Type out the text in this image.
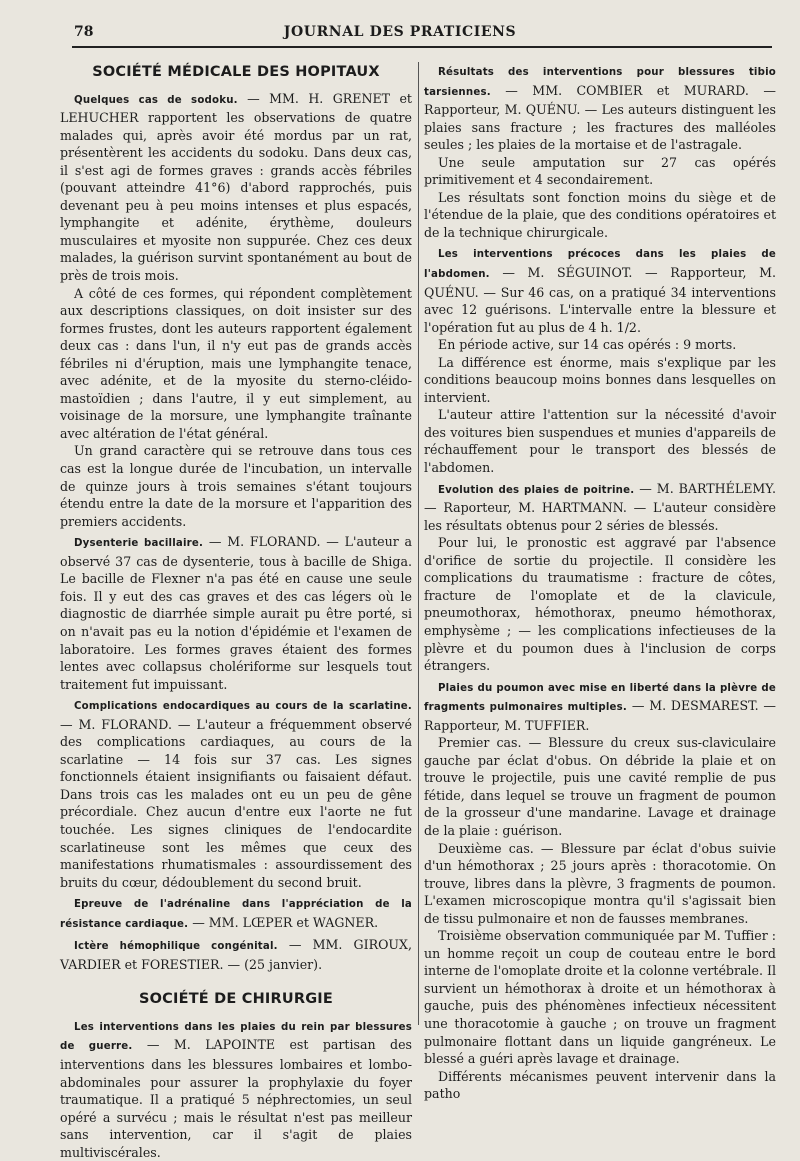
78	JOURNAL DES PRATICIENS
SOCIÉTÉ MÉDICALE DES HOPITAUX

Quelques cas de sodoku. — MM. H. GRENET et LEHUCHER rapportent les observations de quatre malades qui, après avoir été mordus par un rat, présentèrent les accidents du sodoku. Dans deux cas, il s'est agi de formes graves : grands accès fébriles (pouvant atteindre 41°6) d'abord rapprochés, puis devenant peu à peu moins intenses et plus espacés, lymphangite et adénite, érythème, douleurs musculaires et myosite non suppurée. Chez ces deux malades, la guérison survint spontanément au bout de près de trois mois.

A côté de ces formes, qui répondent complètement aux descriptions classiques, on doit insister sur des formes frustes, dont les auteurs rapportent également deux cas : dans l'un, il n'y eut pas de grands accès fébriles ni d'éruption, mais une lymphangite tenace, avec adénite, et de la myosite du sterno-cléido-mastoïdien ; dans l'autre, il y eut simplement, au voisinage de la morsure, une lymphangite traînante avec altération de l'état général.

Un grand caractère qui se retrouve dans tous ces cas est la longue durée de l'incubation, un intervalle de quinze jours à trois semaines s'étant toujours étendu entre la date de la morsure et l'apparition des premiers accidents.

Dysenterie bacillaire. — M. FLORAND. — L'auteur a observé 37 cas de dysenterie, tous à bacille de Shiga. Le bacille de Flexner n'a pas été en cause une seule fois. Il y eut des cas graves et des cas légers où le diagnostic de diarrhée simple aurait pu être porté, si on n'avait pas eu la notion d'épidémie et l'examen de laboratoire. Les formes graves étaient des formes lentes avec collapsus cholériforme sur lesquels tout traitement fut impuissant.

Complications endocardiques au cours de la scarlatine. — M. FLORAND. — L'auteur a fréquemment observé des complications cardiaques, au cours de la scarlatine — 14 fois sur 37 cas. Les signes fonctionnels étaient insignifiants ou faisaient défaut. Dans trois cas les malades ont eu un peu de gêne précordiale. Chez aucun d'entre eux l'aorte ne fut touchée. Les signes cliniques de l'endocardite scarlatineuse sont les mêmes que ceux des manifestations rhumatismales : assourdissement des bruits du cœur, dédoublement du second bruit.

Epreuve de l'adrénaline dans l'appréciation de la résistance cardiaque. — MM. LŒPER et WAGNER.

Ictère hémophilique congénital. — MM. GIROUX, VARDIER et FORESTIER. — (25 janvier).

SOCIÉTÉ DE CHIRURGIE

Les interventions dans les plaies du rein par blessures de guerre. — M. LAPOINTE est partisan des interventions dans les blessures lombaires et lombo-abdominales pour assurer la prophylaxie du foyer traumatique. Il a pratiqué 5 néphrectomies, un seul opéré a survécu ; mais le résultat n'est pas meilleur sans intervention, car il s'agit de plaies multiviscérales.

Résultats des interventions pour blessures tibio tarsiennes. — MM. COMBIER et MURARD. — Rapporteur, M. QUÉNU. — Les auteurs distinguent les plaies sans fracture ; les fractures des malléoles seules ; les plaies de la mortaise et de l'astragale.

Une seule amputation sur 27 cas opérés primitivement et 4 secondairement.

Les résultats sont fonction moins du siège et de l'étendue de la plaie, que des conditions opératoires et de la technique chirurgicale.

Les interventions précoces dans les plaies de l'abdomen. — M. SÉGUINOT. — Rapporteur, M. QUÉNU. — Sur 46 cas, on a pratiqué 34 interventions avec 12 guérisons. L'intervalle entre la blessure et l'opération fut au plus de 4 h. 1/2.

En période active, sur 14 cas opérés : 9 morts.

La différence est énorme, mais s'explique par les conditions beaucoup moins bonnes dans lesquelles on intervient.

L'auteur attire l'attention sur la nécessité d'avoir des voitures bien suspendues et munies d'appareils de réchauffement pour le transport des blessés de l'abdomen.

Evolution des plaies de poitrine. — M. BARTHÉLEMY. — Raporteur, M. HARTMANN. — L'auteur considère les résultats obtenus pour 2 séries de blessés.

Pour lui, le pronostic est aggravé par l'absence d'orifice de sortie du projectile. Il considère les complications du traumatisme : fracture de côtes, fracture de l'omoplate et de la clavicule, pneumothorax, hémothorax, pneumo hémothorax, emphysème ; — les complications infectieuses de la plèvre et du poumon dues à l'inclusion de corps étrangers.

Plaies du poumon avec mise en liberté dans la plèvre de fragments pulmonaires multiples. — M. DESMAREST. — Rapporteur, M. TUFFIER.

Premier cas. — Blessure du creux sus-claviculaire gauche par éclat d'obus. On débride la plaie et on trouve le projectile, puis une cavité remplie de pus fétide, dans lequel se trouve un fragment de poumon de la grosseur d'une mandarine. Lavage et drainage de la plaie : guérison.

Deuxième cas. — Blessure par éclat d'obus suivie d'un hémothorax ; 25 jours après : thoracotomie. On trouve, libres dans la plèvre, 3 fragments de poumon. L'examen microscopique montra qu'il s'agissait bien de tissu pulmonaire et non de fausses membranes.

Troisième observation communiquée par M. Tuffier : un homme reçoit un coup de couteau entre le bord interne de l'omoplate droite et la colonne vertébrale. Il survient un hémothorax à droite et un hémothorax à gauche, puis des phénomènes infectieux nécessitent une thoracotomie à gauche ; on trouve un fragment pulmonaire flottant dans un liquide gangréneux. Le blessé a guéri après lavage et drainage.

Différents mécanismes peuvent intervenir dans la patho
